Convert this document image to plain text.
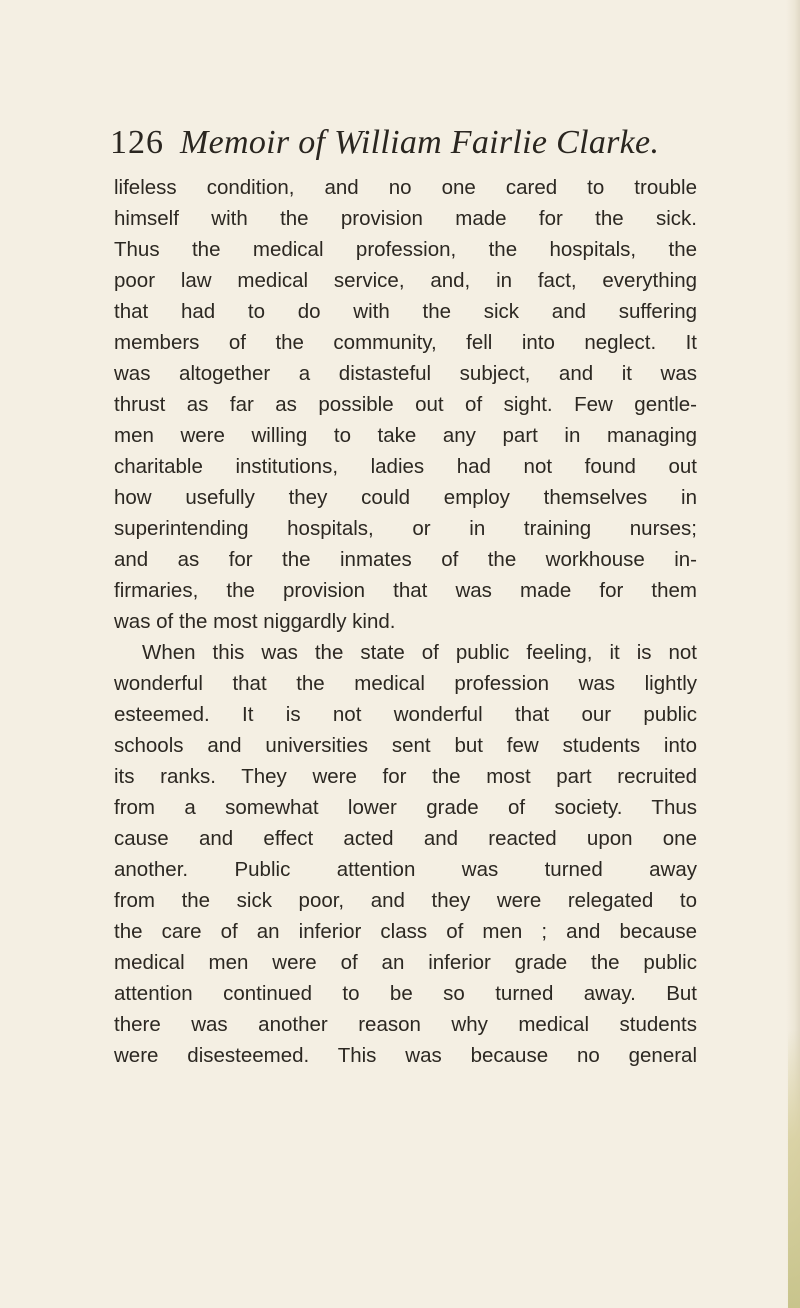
126 Memoir of William Fairlie Clarke.
lifeless condition, and no one cared to trouble
himself with the provision made for the sick.
Thus the medical profession, the hospitals, the
poor law medical service, and, in fact, everything
that had to do with the sick and suffering
members of the community, fell into neglect. It
was altogether a distasteful subject, and it was
thrust as far as possible out of sight. Few gentle-
men were willing to take any part in managing
charitable institutions, ladies had not found out
how usefully they could employ themselves in
superintending hospitals, or in training nurses;
and as for the inmates of the workhouse in-
firmaries, the provision that was made for them
was of the most niggardly kind.
When this was the state of public feeling, it is not
wonderful that the medical profession was lightly
esteemed. It is not wonderful that our public
schools and universities sent but few students into
its ranks. They were for the most part recruited
from a somewhat lower grade of society. Thus
cause and effect acted and reacted upon one
another. Public attention was turned away
from the sick poor, and they were relegated to
the care of an inferior class of men ; and because
medical men were of an inferior grade the public
attention continued to be so turned away. But
there was another reason why medical students
were disesteemed. This was because no general
